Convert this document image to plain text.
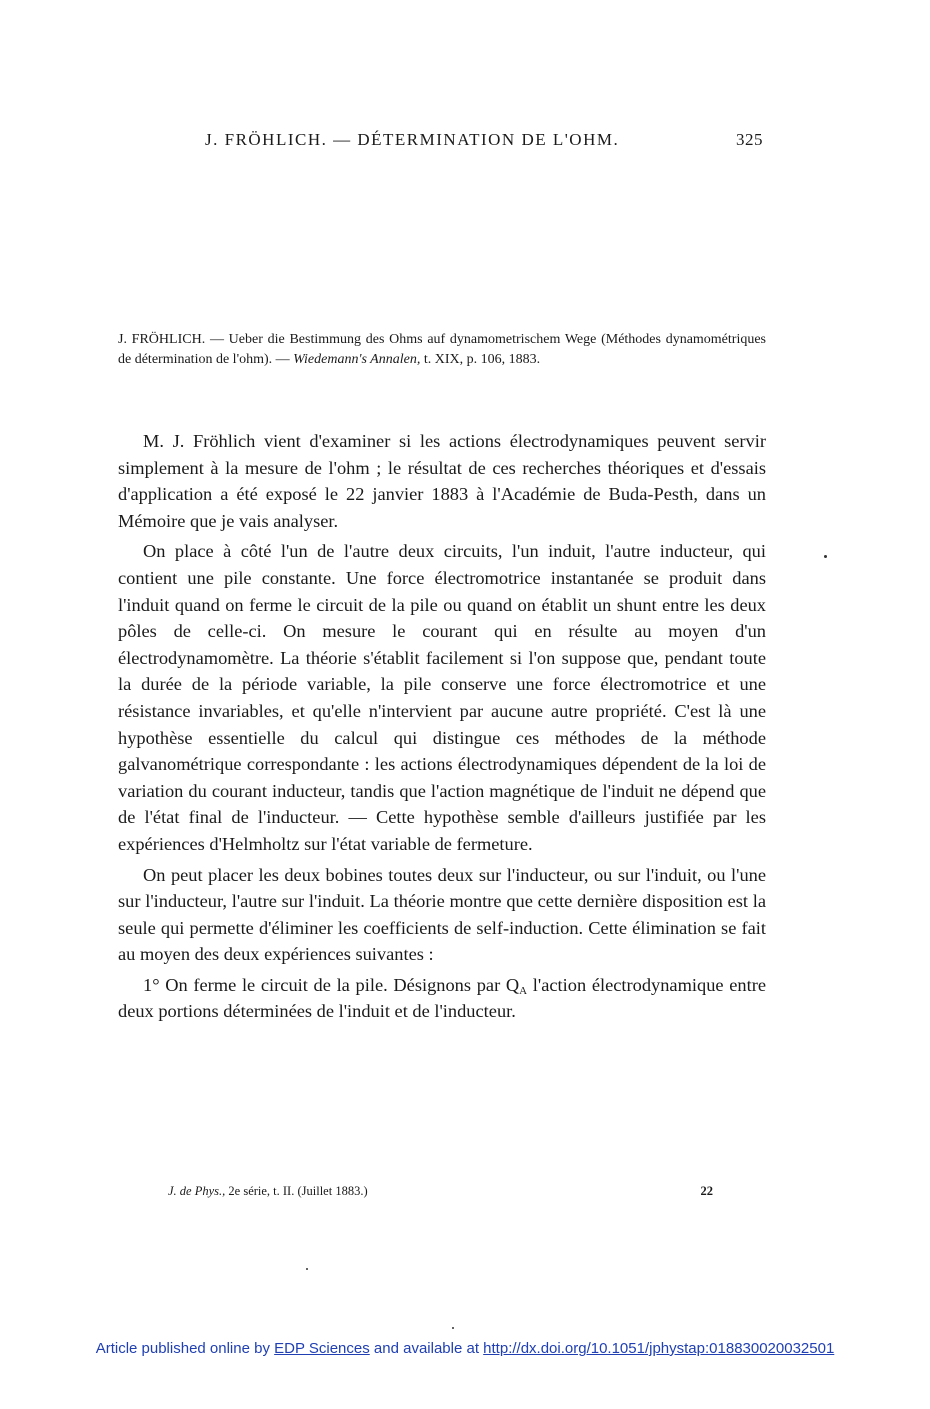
J. FRÖHLICH. — DÉTERMINATION DE L'OHM.	325
J. FRÖHLICH. — Ueber die Bestimmung des Ohms auf dynamometrischem Wege (Méthodes dynamométriques de détermination de l'ohm). — Wiedemann's Annalen, t. XIX, p. 106, 1883.

M. J. Fröhlich vient d'examiner si les actions électrodynamiques peuvent servir simplement à la mesure de l'ohm ; le résultat de ces recherches théoriques et d'essais d'application a été exposé le 22 janvier 1883 à l'Académie de Buda-Pesth, dans un Mémoire que je vais analyser.

On place à côté l'un de l'autre deux circuits, l'un induit, l'autre inducteur, qui contient une pile constante. Une force électromotrice instantanée se produit dans l'induit quand on ferme le circuit de la pile ou quand on établit un shunt entre les deux pôles de celle-ci. On mesure le courant qui en résulte au moyen d'un électrodynamomètre. La théorie s'établit facilement si l'on suppose que, pendant toute la durée de la période variable, la pile conserve une force électromotrice et une résistance invariables, et qu'elle n'intervient par aucune autre propriété. C'est là une hypothèse essentielle du calcul qui distingue ces méthodes de la méthode galvanométrique correspondante : les actions électrodynamiques dépendent de la loi de variation du courant inducteur, tandis que l'action magnétique de l'induit ne dépend que de l'état final de l'inducteur. — Cette hypothèse semble d'ailleurs justifiée par les expériences d'Helmholtz sur l'état variable de fermeture.

On peut placer les deux bobines toutes deux sur l'inducteur, ou sur l'induit, ou l'une sur l'inducteur, l'autre sur l'induit. La théorie montre que cette dernière disposition est la seule qui permette d'éliminer les coefficients de self-induction. Cette élimination se fait au moyen des deux expériences suivantes :

1° On ferme le circuit de la pile. Désignons par $Q_A$ l'action électrodynamique entre deux portions déterminées de l'induit et de l'inducteur.

J. de Phys., 2e série, t. II. (Juillet 1883.)	22
Article published online by EDP Sciences and available at http://dx.doi.org/10.1051/jphystap:018830020032501
